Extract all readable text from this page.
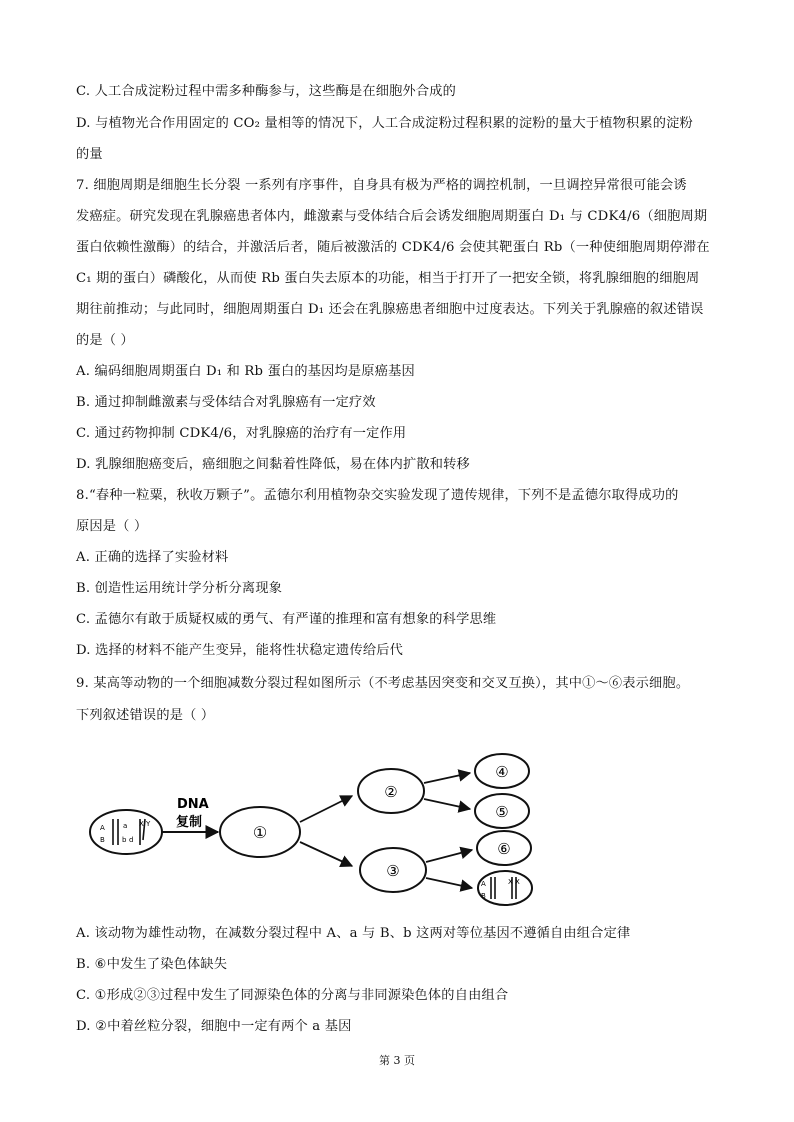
C. 人工合成淀粉过程中需多种酶参与，这些酶是在细胞外合成的
D. 与植物光合作用固定的 CO₂ 量相等的情况下，人工合成淀粉过程积累的淀粉的量大于植物积累的淀粉
的量
7. 细胞周期是细胞生长分裂 一系列有序事件，自身具有极为严格的调控机制，一旦调控异常很可能会诱
发癌症。研究发现在乳腺癌患者体内，雌激素与受体结合后会诱发细胞周期蛋白 D₁ 与 CDK4/6（细胞周期
蛋白依赖性激酶）的结合，并激活后者，随后被激活的 CDK4/6 会使其靶蛋白 Rb（一种使细胞周期停滞在
C₁ 期的蛋白）磷酸化，从而使 Rb 蛋白失去原本的功能，相当于打开了一把安全锁，将乳腺细胞的细胞周
期往前推动；与此同时，细胞周期蛋白 D₁ 还会在乳腺癌患者细胞中过度表达。下列关于乳腺癌的叙述错误
的是（ ）
A. 编码细胞周期蛋白 D₁ 和 Rb 蛋白的基因均是原癌基因
B. 通过抑制雌激素与受体结合对乳腺癌有一定疗效
C. 通过药物抑制 CDK4/6，对乳腺癌的治疗有一定作用
D. 乳腺细胞癌变后，癌细胞之间黏着性降低，易在体内扩散和转移
8.“春种一粒粟，秋收万颗子”。孟德尔利用植物杂交实验发现了遗传规律，下列不是孟德尔取得成功的
原因是（ ）
A. 正确的选择了实验材料
B. 创造性运用统计学分析分离现象
C. 孟德尔有敢于质疑权威的勇气、有严谨的推理和富有想象的科学思维
D. 选择的材料不能产生变异，能将性状稳定遗传给后代
9. 某高等动物的一个细胞减数分裂过程如图所示（不考虑基因突变和交叉互换），其中①～⑥表示细胞。
下列叙述错误的是（ ）
A
B
a
b d
X Y
DNA
复制
①
②
③
④
⑤
⑥
A
B
X X
A. 该动物为雄性动物，在减数分裂过程中 A、a 与 B、b 这两对等位基因不遵循自由组合定律
B. ⑥中发生了染色体缺失
C. ①形成②③过程中发生了同源染色体的分离与非同源染色体的自由组合
D. ②中着丝粒分裂，细胞中一定有两个 a 基因
第 3 页
